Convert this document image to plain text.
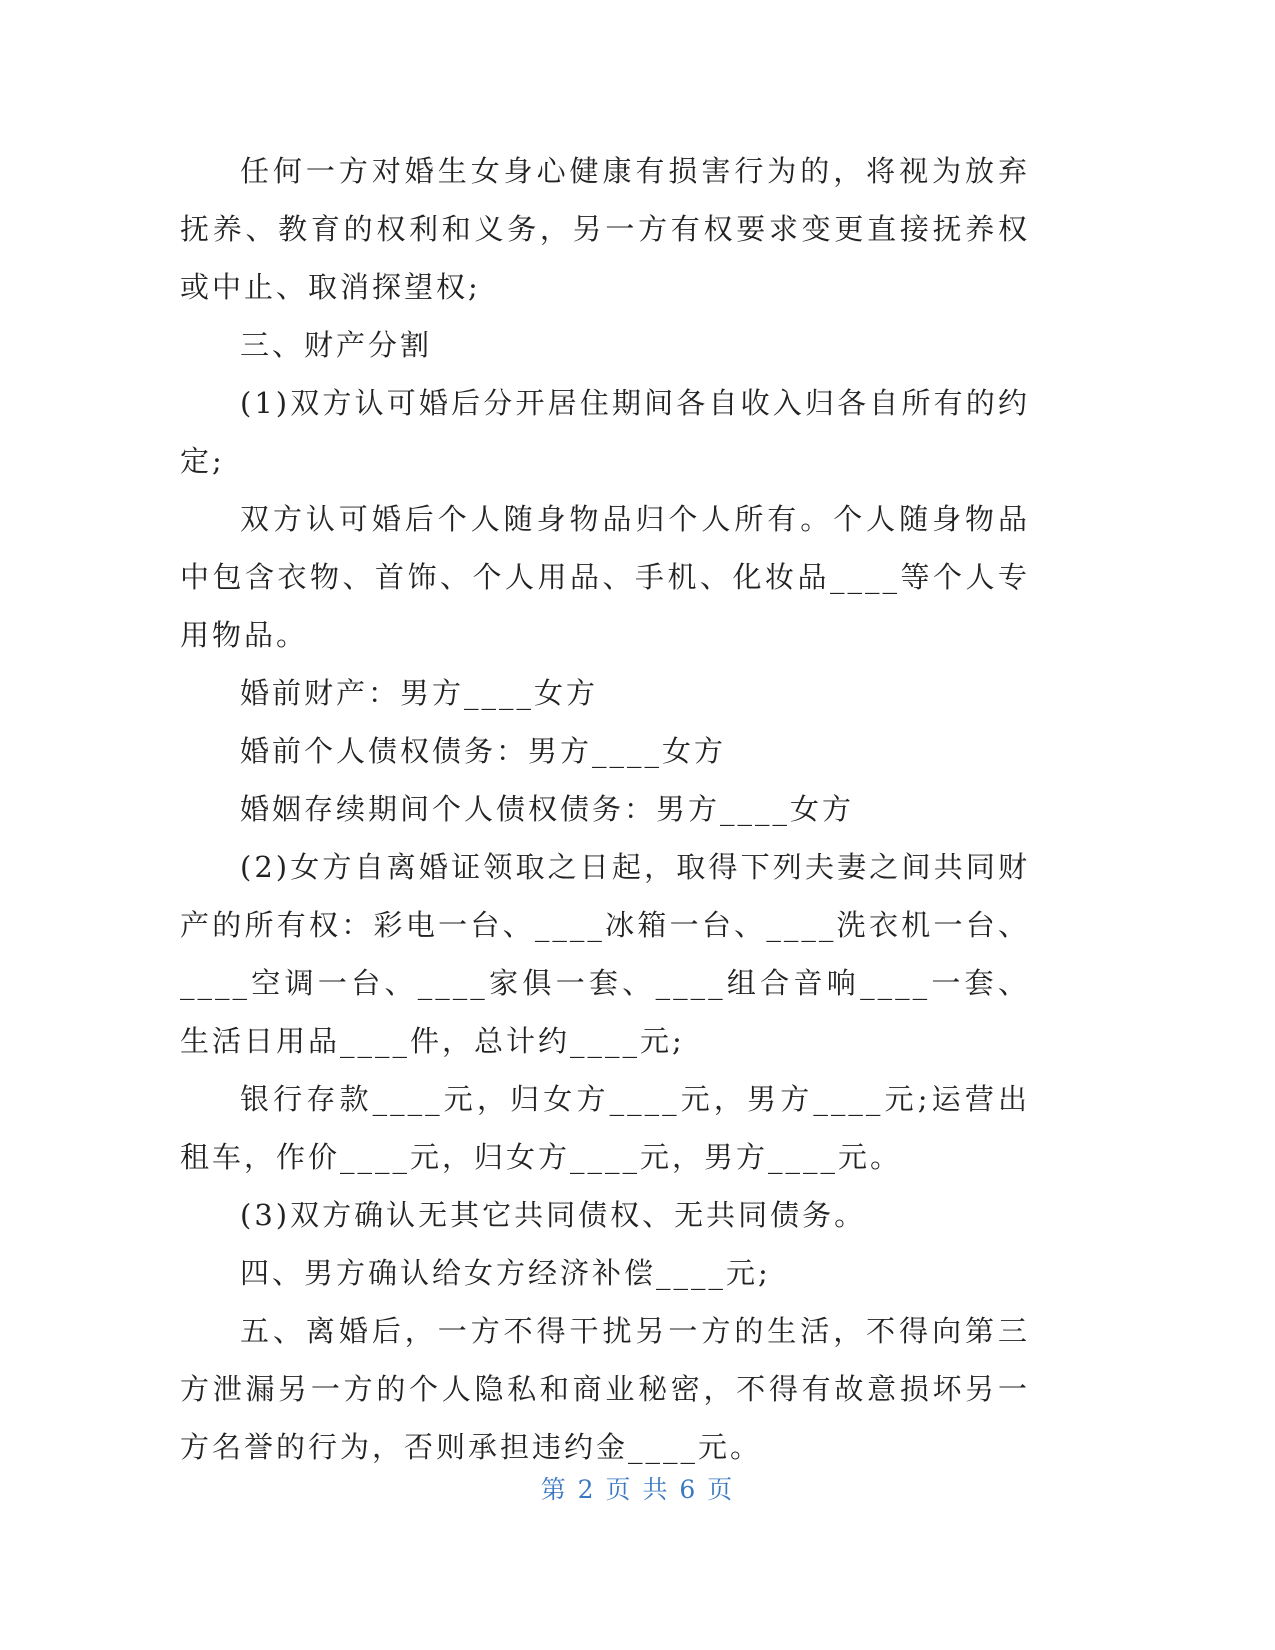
任何一方对婚生女身心健康有损害行为的，将视为放弃抚养、教育的权利和义务，另一方有权要求变更直接抚养权或中止、取消探望权;

三、财产分割

(1)双方认可婚后分开居住期间各自收入归各自所有的约定;

双方认可婚后个人随身物品归个人所有。个人随身物品中包含衣物、首饰、个人用品、手机、化妆品____等个人专用物品。

婚前财产：男方____女方

婚前个人债权债务：男方____女方

婚姻存续期间个人债权债务：男方____女方

(2)女方自离婚证领取之日起，取得下列夫妻之间共同财产的所有权：彩电一台、____冰箱一台、____洗衣机一台、____空调一台、____家俱一套、____组合音响____一套、生活日用品____件，总计约____元;

银行存款____元，归女方____元，男方____元;运营出租车，作价____元，归女方____元，男方____元。

(3)双方确认无其它共同债权、无共同债务。

四、男方确认给女方经济补偿____元;

五、离婚后，一方不得干扰另一方的生活，不得向第三方泄漏另一方的个人隐私和商业秘密，不得有故意损坏另一方名誉的行为，否则承担违约金____元。

第 2 页 共 6 页
